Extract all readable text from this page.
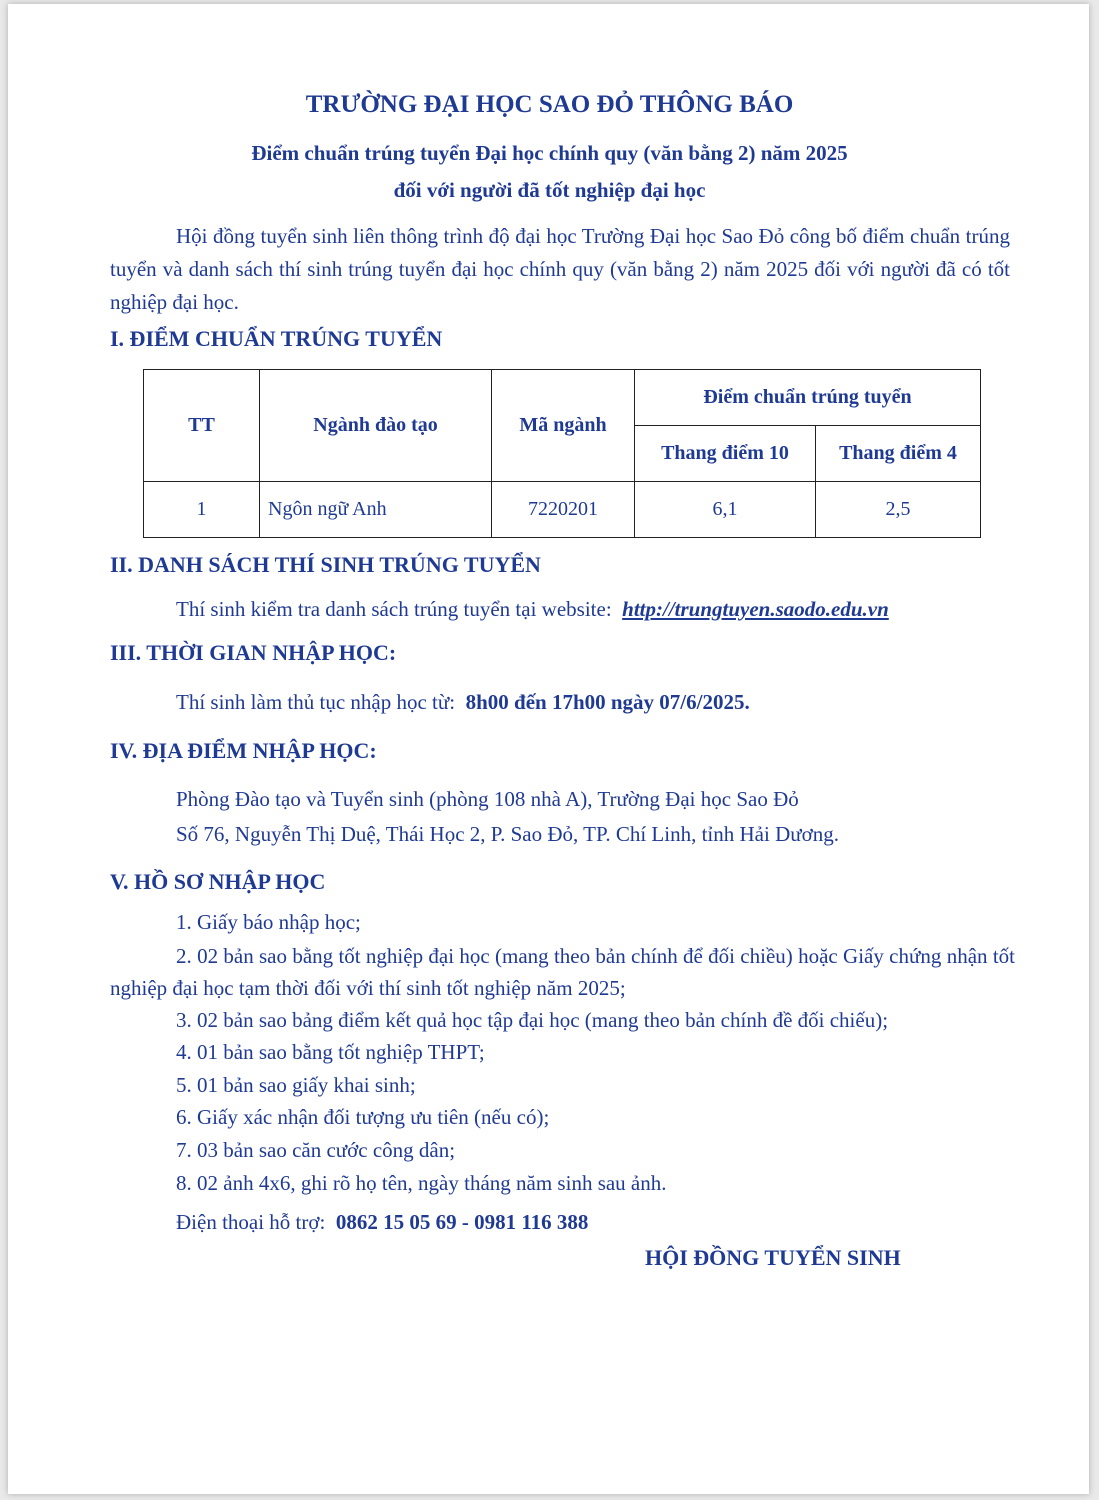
TRƯỜNG ĐẠI HỌC SAO ĐỎ THÔNG BÁO
Điểm chuẩn trúng tuyển Đại học chính quy (văn bằng 2) năm 2025
đối với người đã tốt nghiệp đại học
Hội đồng tuyển sinh liên thông trình độ đại học Trường Đại học Sao Đỏ công bố điểm chuẩn trúng tuyển và danh sách thí sinh trúng tuyển đại học chính quy (văn bằng 2) năm 2025 đối với người đã có tốt nghiệp đại học.
I. ĐIỂM CHUẨN TRÚNG TUYỂN
TT	Ngành đào tạo	Mã ngành	Điểm chuẩn trúng tuyển	
			Thang điểm 10	Thang điểm 4
1	Ngôn ngữ Anh	7220201	6,1	2,5
II. DANH SÁCH THÍ SINH TRÚNG TUYỂN
Thí sinh kiểm tra danh sách trúng tuyển tại website: http://trungtuyen.saodo.edu.vn
III. THỜI GIAN NHẬP HỌC:
Thí sinh làm thủ tục nhập học từ: 8h00 đến 17h00 ngày 07/6/2025.
IV. ĐỊA ĐIỂM NHẬP HỌC:
Phòng Đào tạo và Tuyển sinh (phòng 108 nhà A), Trường Đại học Sao Đỏ
Số 76, Nguyễn Thị Duệ, Thái Học 2, P. Sao Đỏ, TP. Chí Linh, tỉnh Hải Dương.
V. HỒ SƠ NHẬP HỌC
1. Giấy báo nhập học;
2. 02 bản sao bằng tốt nghiệp đại học (mang theo bản chính để đối chiều) hoặc Giấy chứng nhận tốt nghiệp đại học tạm thời đối với thí sinh tốt nghiệp năm 2025;
3. 02 bản sao bảng điểm kết quả học tập đại học (mang theo bản chính đề đối chiếu);
4. 01 bản sao bằng tốt nghiệp THPT;
5. 01 bản sao giấy khai sinh;
6. Giấy xác nhận đối tượng ưu tiên (nếu có);
7. 03 bản sao căn cước công dân;
8. 02 ảnh 4x6, ghi rõ họ tên, ngày tháng năm sinh sau ảnh.
Điện thoại hỗ trợ: 0862 15 05 69 - 0981 116 388
HỘI ĐỒNG TUYỂN SINH
